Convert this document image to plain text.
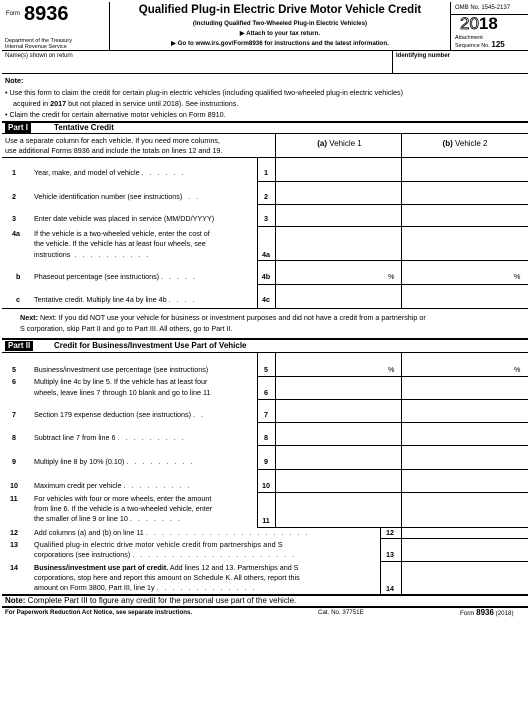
Form 8936
Department of the Treasury
Internal Revenue Service
Qualified Plug-in Electric Drive Motor Vehicle Credit
(Including Qualified Two-Wheeled Plug-in Electric Vehicles)
▶ Attach to your tax return.
▶ Go to www.irs.gov/Form8936 for instructions and the latest information.
OMB No. 1545-2137
2018
Attachment
Sequence No. 125
Name(s) shown on return	Identifying number
Note:
• Use this form to claim the credit for certain plug-in electric vehicles (including qualified two-wheeled plug-in electric vehicles)
acquired in 2017 but not placed in service until 2018). See instructions.
• Claim the credit for certain alternative motor vehicles on Form 8910.
Part I	Tentative Credit
Use a separate column for each vehicle. If you need more columns,
use additional Forms 8936 and include the totals on lines 12 and 19.
(a) Vehicle 1	(b) Vehicle 2
1	Year, make, and model of vehicle . . . . . .	1
2	Vehicle identification number (see instructions) . .	2
3	Enter date vehicle was placed in service (MM/DD/YYYY)	3
4a If the vehicle is a two-wheeled vehicle, enter the cost of
the vehicle. If the vehicle has at least four wheels, see
instructions . . . . . . . . . .	4a
b Phaseout percentage (see instructions) . . . . .	4b	%	%
c Tentative credit. Multiply line 4a by line 4b . . . .	4c
Next: Next: If you did NOT use your vehicle for business or investment purposes and did not have a credit from a partnership or
S corporation, skip Part II and go to Part III. All others, go to Part II.
Part II	Credit for Business/Investment Use Part of Vehicle
5	Business/investment use percentage (see instructions)	5	%	%
6	Multiply line 4c by line 5. If the vehicle has at least four
wheels, leave lines 7 through 10 blank and go to line 11	6
7	Section 179 expense deduction (see instructions) . .	7
8	Subtract line 7 from line 6 . . . . . . . . .	8
9	Multiply line 8 by 10% (0.10) . . . . . . . . .	9
10 Maximum credit per vehicle . . . . . . . . .	10
11 For vehicles with four or more wheels, enter the amount
from line 6. If the vehicle is a two-wheeled vehicle, enter
the smaller of line 9 or line 10 . . . . . . .	11
12 Add columns (a) and (b) on line 11 . . . . . . . . . . . . . . . . . . . . .	12
13 Qualified plug-in electric drive motor vehicle credit from partnerships and S
corporations (see instructions) . . . . . . . . . . . . . . . . . . . . .	13
14 Business/investment use part of credit. Add lines 12 and 13. Partnerships and S
corporations, stop here and report this amount on Schedule K. All others, report this
amount on Form 3800, Part III, line 1y . . . . . . . . . . . . .	14
Note: Complete Part III to figure any credit for the personal use part of the vehicle.
For Paperwork Reduction Act Notice, see separate instructions.	Cat. No. 37751E	Form 8936 (2018)
